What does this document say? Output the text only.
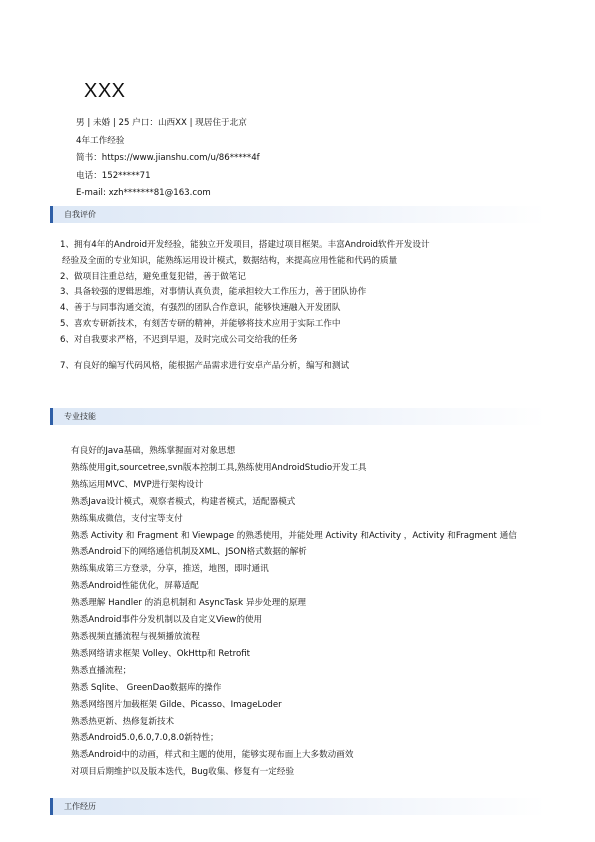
XXX
男 | 未婚 | 25 户口：山西XX | 现居住于北京
4年工作经验
简书：https://www.jianshu.com/u/86*****4f
电话：152*****71
E-mail: xzh*******81@163.com
自我评价
1、拥有4年的Android开发经验，能独立开发项目，搭建过项目框架。丰富Android软件开发设计
经验及全面的专业知识，能熟练运用设计模式，数据结构，来提高应用性能和代码的质量
2、做项目注重总结，避免重复犯错，善于做笔记
3、具备较强的逻辑思维，对事情认真负责，能承担较大工作压力，善于团队协作
4、善于与同事沟通交流，有强烈的团队合作意识，能够快速融入开发团队
5、喜欢专研新技术，有刻苦专研的精神，并能够将技术应用于实际工作中
6、对自我要求严格，不迟到早退，及时完成公司交给我的任务
7、有良好的编写代码风格，能根据产品需求进行安卓产品分析，编写和测试
专业技能
有良好的Java基础，熟练掌握面对对象思想
熟练使用git,sourcetree,svn版本控制工具,熟练使用AndroidStudio开发工具
熟练运用MVC、MVP进行架构设计
熟悉Java设计模式，观察者模式，构建者模式，适配器模式
熟练集成微信，支付宝等支付
熟悉 Activity 和 Fragment 和 Viewpage 的熟悉使用，并能处理 Activity 和Activity ，Activity 和Fragment 通信
熟悉Android下的网络通信机制及XML、JSON格式数据的解析
熟练集成第三方登录，分享，推送，地图，即时通讯
熟悉Android性能优化，屏幕适配
熟悉理解 Handler 的消息机制和 AsyncTask 异步处理的原理
熟悉Android事件分发机制以及自定义View的使用
熟悉视频直播流程与视频播放流程
熟悉网络请求框架 Volley、OkHttp和 Retrofit
熟悉直播流程；
熟悉 Sqlite、 GreenDao数据库的操作
熟悉网络图片加载框架 Gilde、Picasso、ImageLoder
熟悉热更新、热修复新技术
熟悉Android5.0,6.0,7.0,8.0新特性；
熟悉Android中的动画，样式和主题的使用，能够实现布面上大多数动画效
对项目后期维护以及版本迭代，Bug收集、修复有一定经验
工作经历
